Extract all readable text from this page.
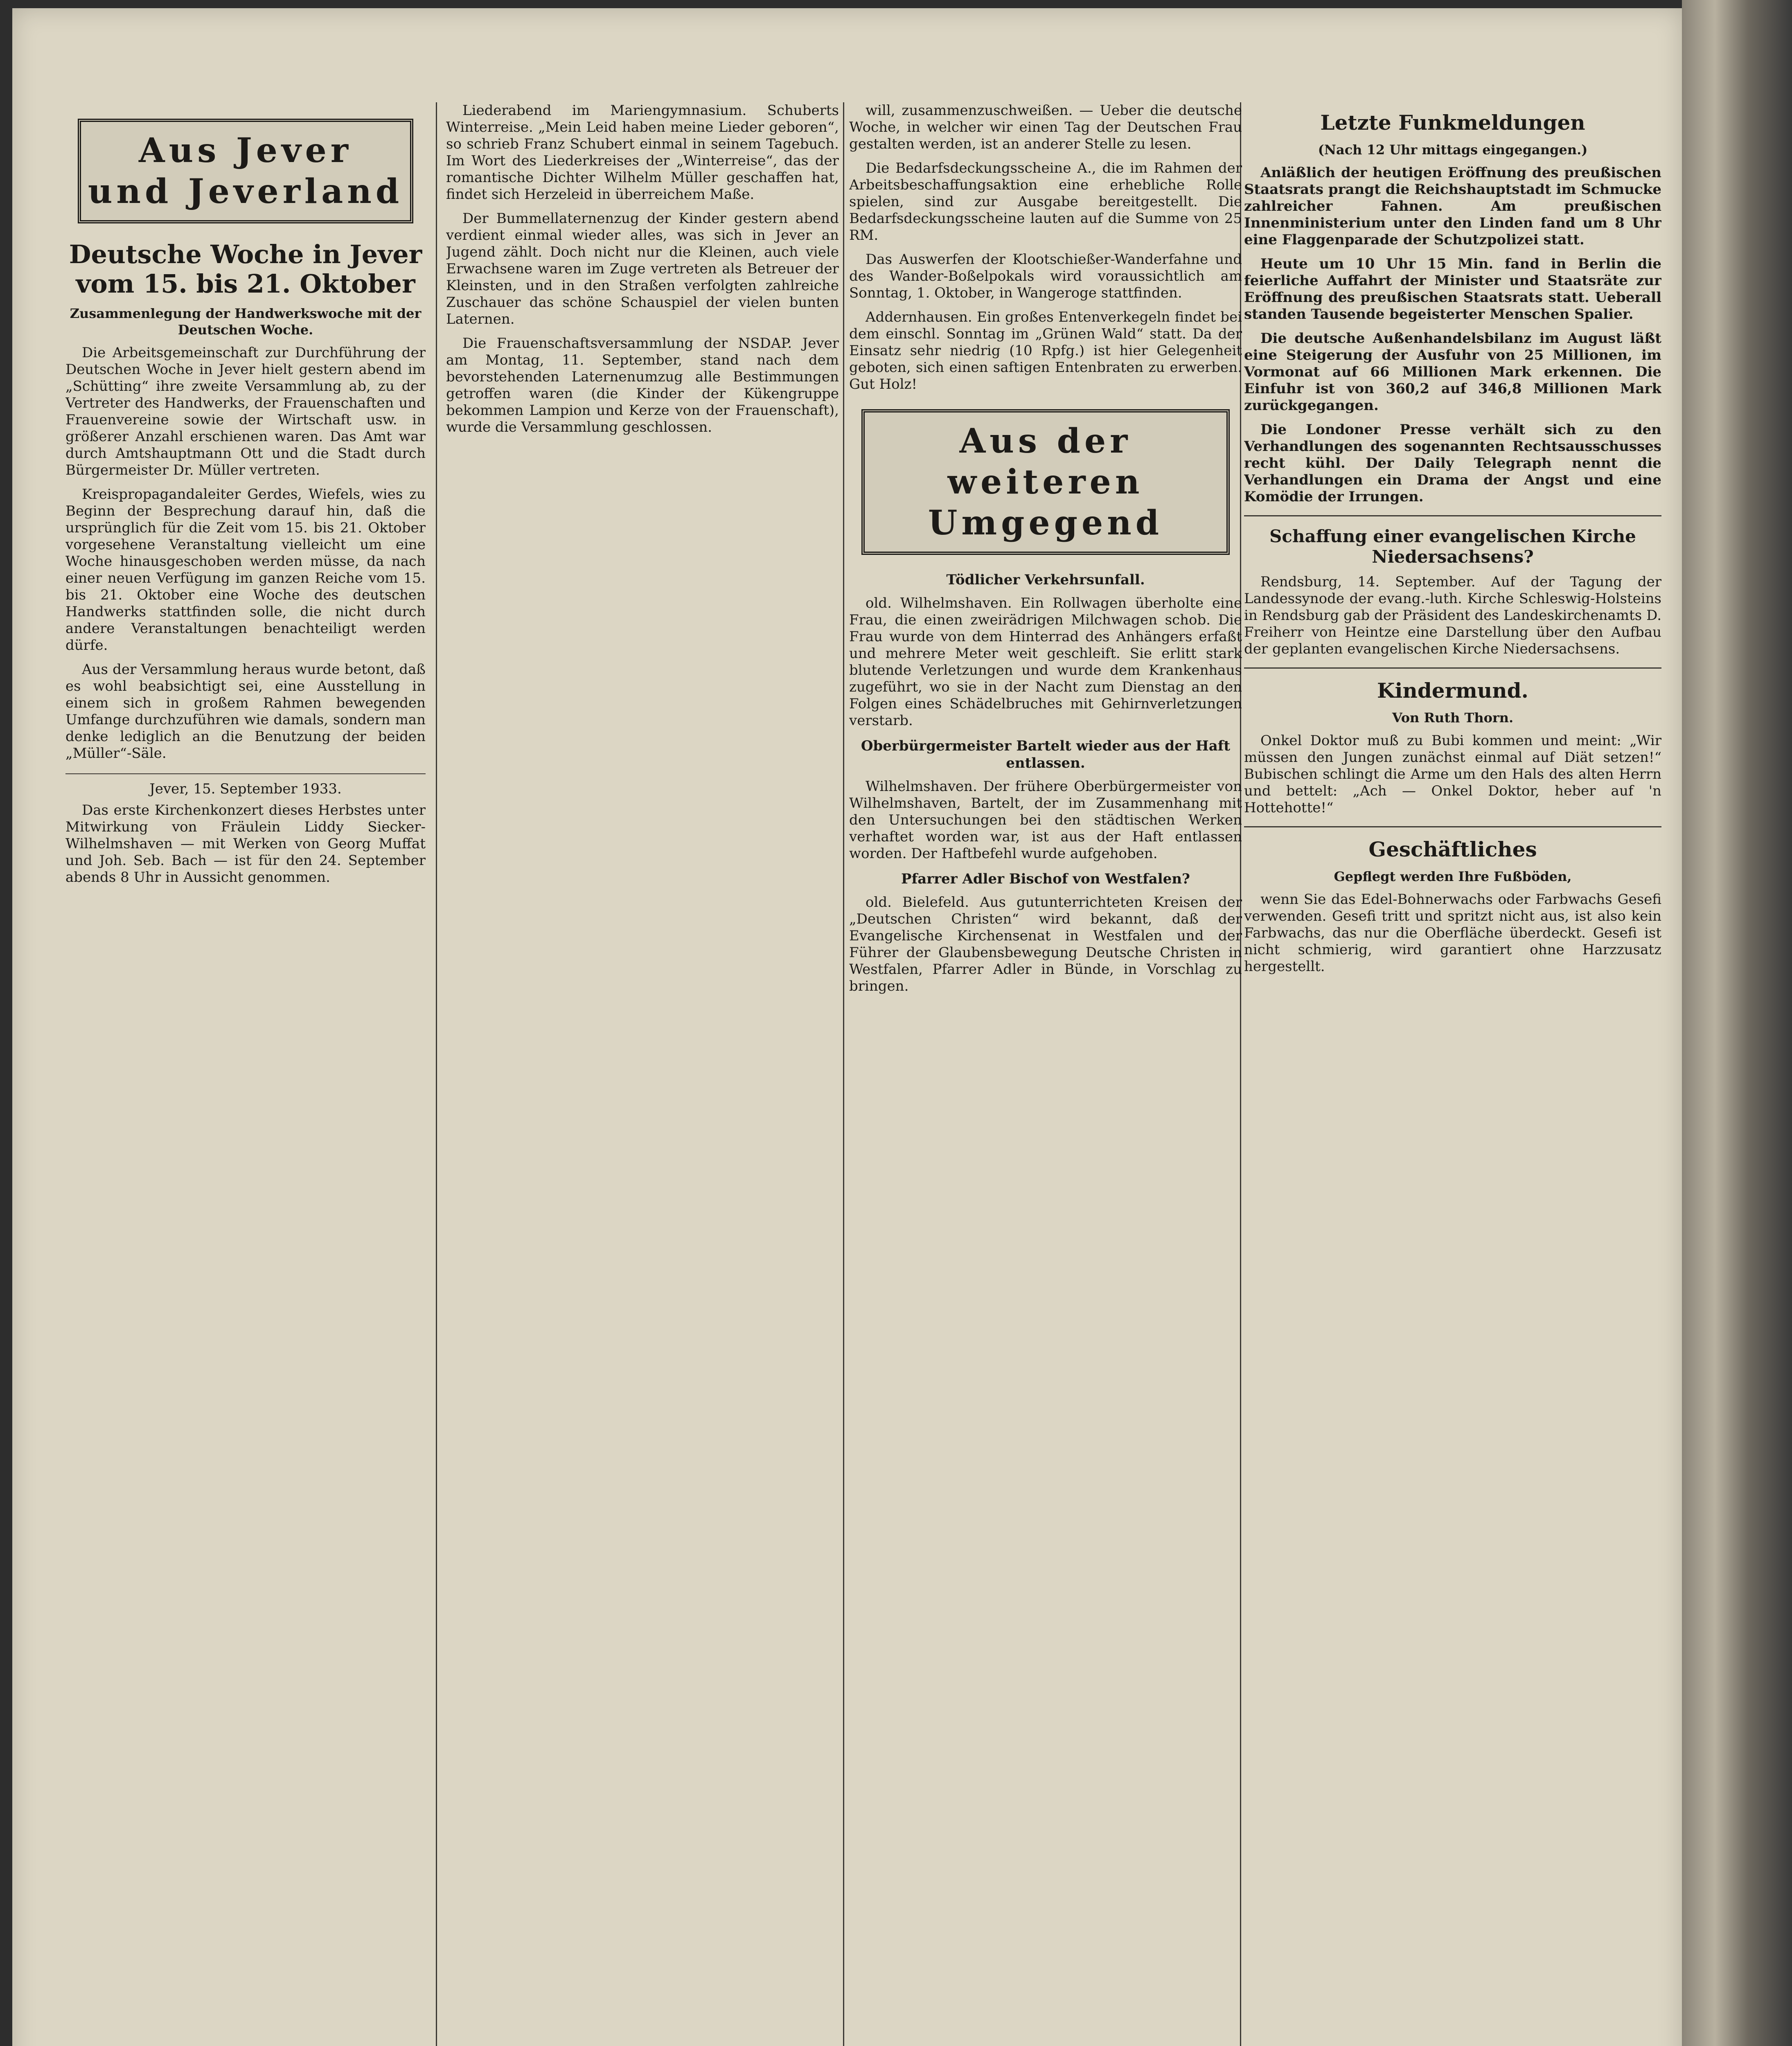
Aus Jever
und Jeverland
Deutsche Woche in Jever vom 15. bis 21. Oktober
Zusammenlegung der Handwerkswoche mit der Deutschen Woche.

Die Arbeitsgemeinschaft zur Durchführung der Deutschen Woche in Jever hielt gestern abend im „Schütting“ ihre zweite Versammlung ab, zu der Vertreter des Handwerks, der Frauenschaften und Frauenvereine sowie der Wirtschaft usw. in größerer Anzahl erschienen waren. Das Amt war durch Amtshauptmann Ott und die Stadt durch Bürgermeister Dr. Müller vertreten.

Kreispropagandaleiter Gerdes, Wiefels, wies zu Beginn der Besprechung darauf hin, daß die ursprünglich für die Zeit vom 15. bis 21. Oktober vorgesehene Veranstaltung vielleicht um eine Woche hinausgeschoben werden müsse, da nach einer neuen Verfügung im ganzen Reiche vom 15. bis 21. Oktober eine Woche des deutschen Handwerks stattfinden solle, die nicht durch andere Veranstaltungen benachteiligt werden dürfe.

Aus der Versammlung heraus wurde betont, daß es wohl beabsichtigt sei, eine Ausstellung in einem sich in großem Rahmen bewegenden Umfange durchzuführen wie damals, sondern man denke lediglich an die Benutzung der beiden „Müller“-Säle.

Jever, 15. September 1933.

Das erste Kirchenkonzert dieses Herbstes unter Mitwirkung von Fräulein Liddy Siecker-Wilhelmshaven — mit Werken von Georg Muffat und Joh. Seb. Bach — ist für den 24. September abends 8 Uhr in Aussicht genommen.

Liederabend im Mariengymnasium. Schuberts Winterreise. „Mein Leid haben meine Lieder geboren“, so schrieb Franz Schubert einmal in seinem Tagebuch. Im Wort des Liederkreises der „Winterreise“, das der romantische Dichter Wilhelm Müller geschaffen hat, findet sich Herzeleid in überreichem Maße.

Der Bummellaternenzug der Kinder gestern abend verdient einmal wieder alles, was sich in Jever an Jugend zählt. Doch nicht nur die Kleinen, auch viele Erwachsene waren im Zuge vertreten als Betreuer der Kleinsten, und in den Straßen verfolgten zahlreiche Zuschauer das schöne Schauspiel der vielen bunten Laternen.

Die Frauenschaftsversammlung der NSDAP. Jever am Montag, 11. September, stand nach dem bevorstehenden Laternenumzug alle Bestimmungen getroffen waren (die Kinder der Kükengruppe bekommen Lampion und Kerze von der Frauenschaft), wurde die Versammlung geschlossen.

will, zusammenzuschweißen. — Ueber die deutsche Woche, in welcher wir einen Tag der Deutschen Frau gestalten werden, ist an anderer Stelle zu lesen.

Die Bedarfsdeckungsscheine A., die im Rahmen der Arbeitsbeschaffungsaktion eine erhebliche Rolle spielen, sind zur Ausgabe bereitgestellt. Die Bedarfsdeckungsscheine lauten auf die Summe von 25 RM.

Das Auswerfen der Klootschießer-Wanderfahne und des Wander-Boßelpokals wird voraussichtlich am Sonntag, 1. Oktober, in Wangeroge stattfinden.

Addernhausen. Ein großes Entenverkegeln findet bei dem einschl. Sonntag im „Grünen Wald“ statt. Da der Einsatz sehr niedrig (10 Rpfg.) ist hier Gelegenheit geboten, sich einen saftigen Entenbraten zu erwerben. Gut Holz!

Aus der weiteren
Umgegend
Tödlicher Verkehrsunfall.

old. Wilhelmshaven. Ein Rollwagen überholte eine Frau, die einen zweirädrigen Milchwagen schob. Die Frau wurde von dem Hinterrad des Anhängers erfaßt und mehrere Meter weit geschleift. Sie erlitt stark blutende Verletzungen und wurde dem Krankenhaus zugeführt, wo sie in der Nacht zum Dienstag an den Folgen eines Schädelbruches mit Gehirnverletzungen verstarb.

Oberbürgermeister Bartelt wieder aus der Haft entlassen.

Wilhelmshaven. Der frühere Oberbürgermeister von Wilhelmshaven, Bartelt, der im Zusammenhang mit den Untersuchungen bei den städtischen Werken verhaftet worden war, ist aus der Haft entlassen worden. Der Haftbefehl wurde aufgehoben.

Pfarrer Adler Bischof von Westfalen?

old. Bielefeld. Aus gutunterrichteten Kreisen der „Deutschen Christen“ wird bekannt, daß der Evangelische Kirchensenat in Westfalen und der Führer der Glaubensbewegung Deutsche Christen in Westfalen, Pfarrer Adler in Bünde, in Vorschlag zu bringen.

Letzte Funkmeldungen
(Nach 12 Uhr mittags eingegangen.)

Anläßlich der heutigen Eröffnung des preußischen Staatsrats prangt die Reichshauptstadt im Schmucke zahlreicher Fahnen. Am preußischen Innenministerium unter den Linden fand um 8 Uhr eine Flaggenparade der Schutzpolizei statt.

Heute um 10 Uhr 15 Min. fand in Berlin die feierliche Auffahrt der Minister und Staatsräte zur Eröffnung des preußischen Staatsrats statt. Ueberall standen Tausende begeisterter Menschen Spalier.

Die deutsche Außenhandelsbilanz im August läßt eine Steigerung der Ausfuhr von 25 Millionen, im Vormonat auf 66 Millionen Mark erkennen. Die Einfuhr ist von 360,2 auf 346,8 Millionen Mark zurückgegangen.

Die Londoner Presse verhält sich zu den Verhandlungen des sogenannten Rechtsausschusses recht kühl. Der Daily Telegraph nennt die Verhandlungen ein Drama der Angst und eine Komödie der Irrungen.

Schaffung einer evangelischen Kirche Niedersachsens?

Rendsburg, 14. September. Auf der Tagung der Landessynode der evang.-luth. Kirche Schleswig-Holsteins in Rendsburg gab der Präsident des Landeskirchenamts D. Freiherr von Heintze eine Darstellung über den Aufbau der geplanten evangelischen Kirche Niedersachsens.

Kindermund.
Von Ruth Thorn.

Onkel Doktor muß zu Bubi kommen und meint: „Wir müssen den Jungen zunächst einmal auf Diät setzen!“ Bubischen schlingt die Arme um den Hals des alten Herrn und bettelt: „Ach — Onkel Doktor, heber auf 'n Hottehotte!“

Geschäftliches
Gepflegt werden Ihre Fußböden,

wenn Sie das Edel-Bohnerwachs oder Farbwachs Gesefi verwenden. Gesefi tritt und spritzt nicht aus, ist also kein Farbwachs, das nur die Oberfläche überdeckt. Gesefi ist nicht schmierig, wird garantiert ohne Harzzusatz hergestellt.
